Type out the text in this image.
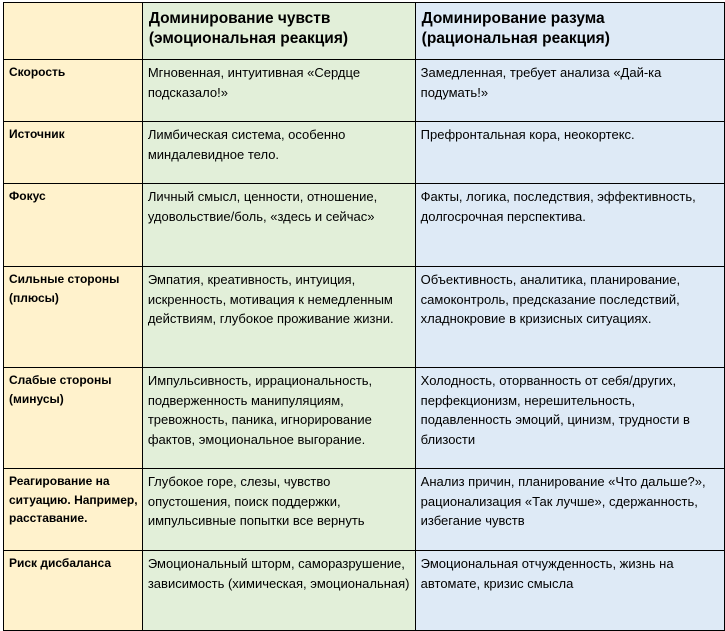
	Доминирование чувств (эмоциональная реакция)	Доминирование разума (рациональная реакция)
Скорость	Мгновенная, интуитивная «Сердце подсказало!»	Замедленная, требует анализа «Дай-ка подумать!»
Источник	Лимбическая система, особенно миндалевидное тело.	Префронтальная кора, неокортекс.
Фокус	Личный смысл, ценности, отношение, удовольствие/боль, «здесь и сейчас»	Факты, логика, последствия, эффективность, долгосрочная перспектива.
Сильные стороны (плюсы)	Эмпатия, креативность, интуиция, искренность, мотивация к немедленным действиям, глубокое проживание жизни.	Объективность, аналитика, планирование, самоконтроль, предсказание последствий, хладнокровие в кризисных ситуациях.
Слабые стороны (минусы)	Импульсивность, иррациональность, подверженность манипуляциям, тревожность, паника, игнорирование фактов, эмоциональное выгорание.	Холодность, оторванность от себя/других, перфекционизм, нерешительность, подавленность эмоций, цинизм, трудности в близости
Реагирование на ситуацию. Например, расставание.	Глубокое горе, слезы, чувство опустошения, поиск поддержки, импульсивные попытки все вернуть	Анализ причин, планирование «Что дальше?», рационализация «Так лучше», сдержанность, избегание чувств
Риск дисбаланса	Эмоциональный шторм, саморазрушение, зависимость (химическая, эмоциональная)	Эмоциональная отчужденность, жизнь на автомате, кризис смысла
